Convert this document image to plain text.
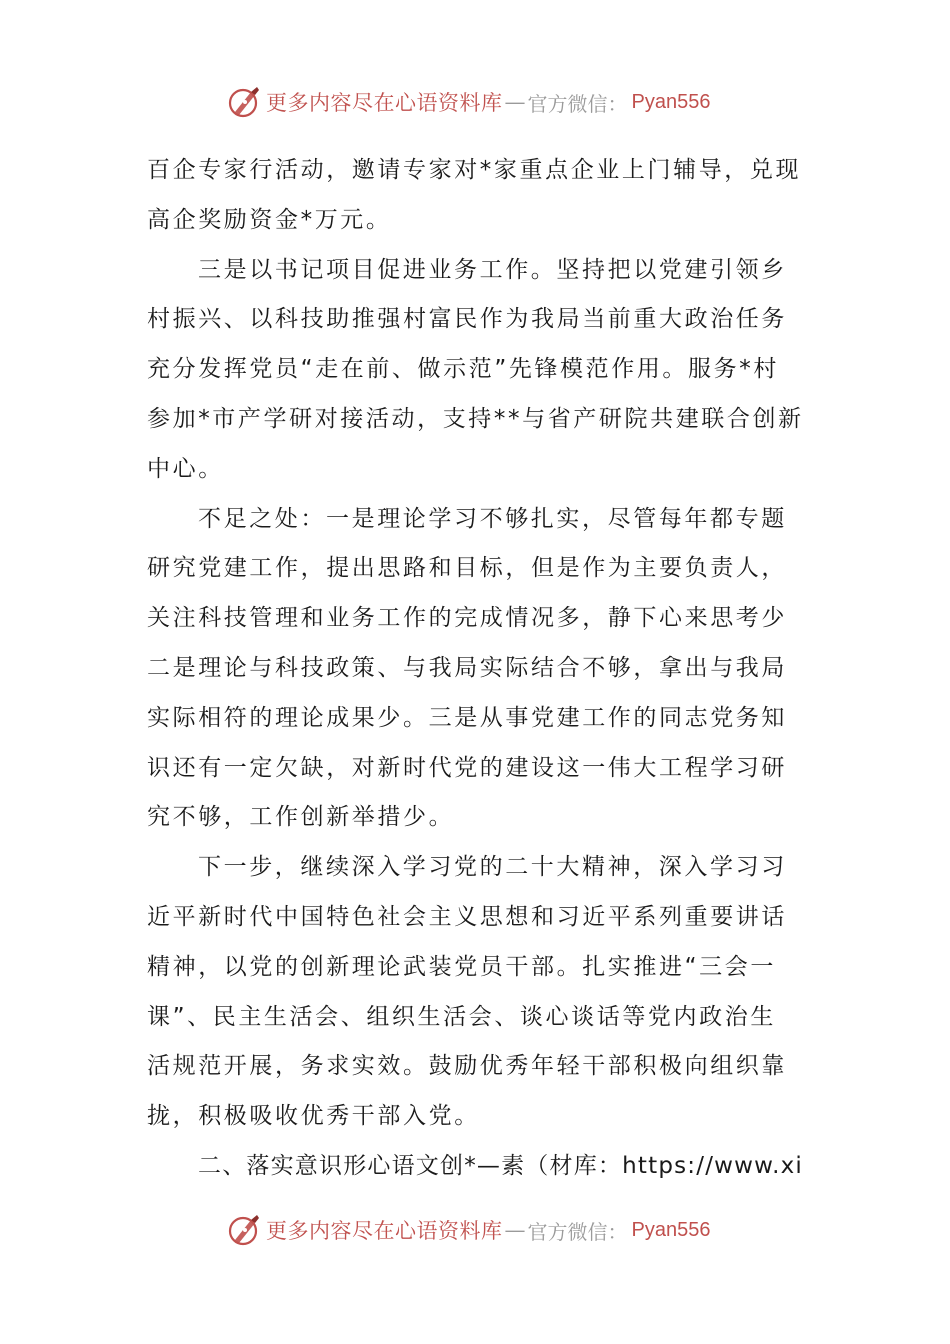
更多内容尽在心语资料库 — 官方微信： Pyan556
百企专家行活动，邀请专家对*家重点企业上门辅导，兑现
高企奖励资金*万元。
三是以书记项目促进业务工作。坚持把以党建引领乡
村振兴、以科技助推强村富民作为我局当前重大政治任务
充分发挥党员“走在前、做示范”先锋模范作用。服务*村
参加*市产学研对接活动，支持**与省产研院共建联合创新
中心。
不足之处：一是理论学习不够扎实，尽管每年都专题
研究党建工作，提出思路和目标，但是作为主要负责人，
关注科技管理和业务工作的完成情况多，静下心来思考少
二是理论与科技政策、与我局实际结合不够，拿出与我局
实际相符的理论成果少。三是从事党建工作的同志党务知
识还有一定欠缺，对新时代党的建设这一伟大工程学习研
究不够，工作创新举措少。
下一步，继续深入学习党的二十大精神，深入学习习
近平新时代中国特色社会主义思想和习近平系列重要讲话
精神，以党的创新理论武装党员干部。扎实推进“三会一
课”、民主生活会、组织生活会、谈心谈话等党内政治生
活规范开展，务求实效。鼓励优秀年轻干部积极向组织靠
拢，积极吸收优秀干部入党。
二、落实意识形心语文创*—素（材库：https://www.xi
更多内容尽在心语资料库 — 官方微信： Pyan556
